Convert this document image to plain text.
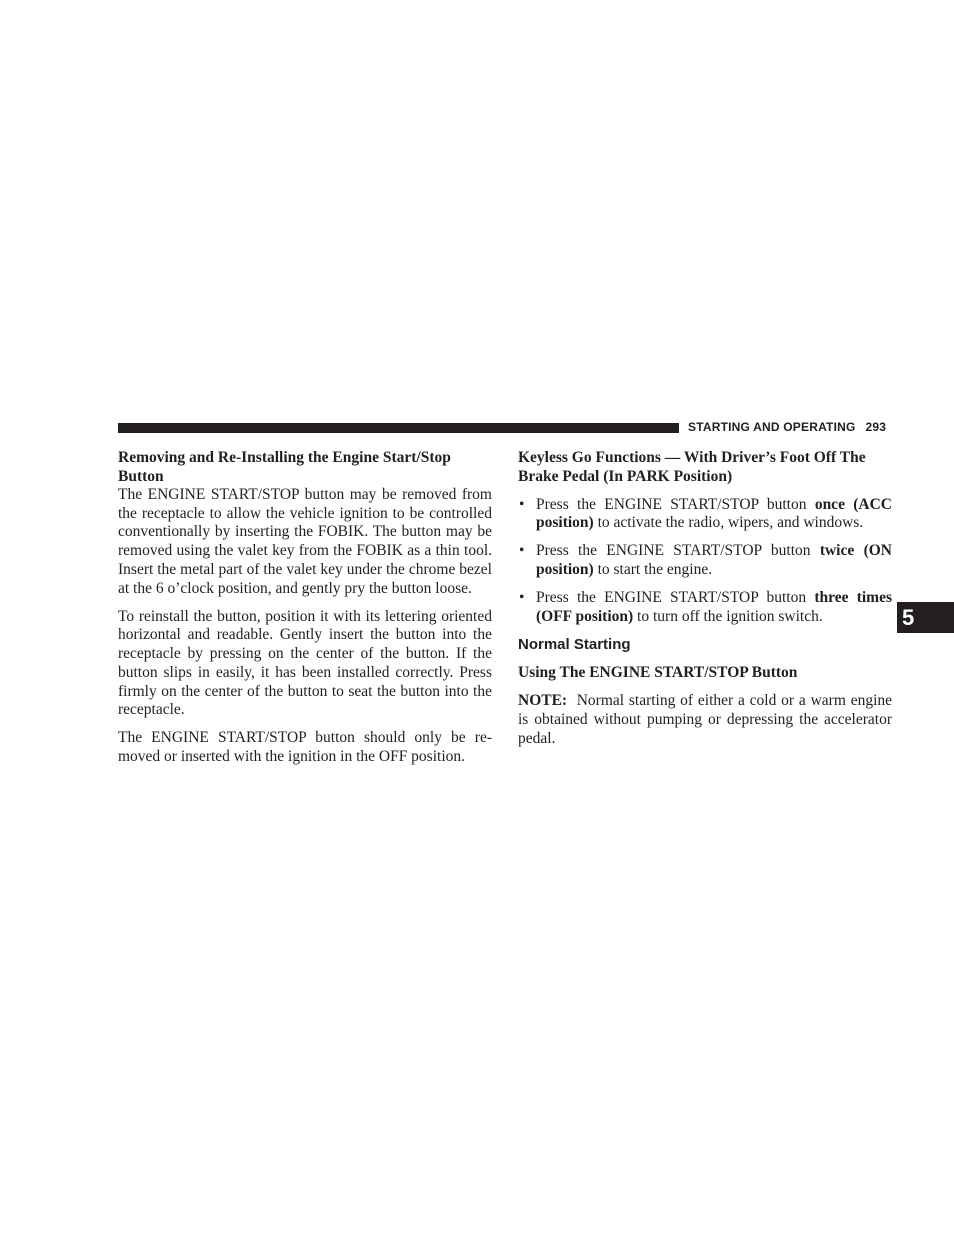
STARTING AND OPERATING 293
5
Removing and Re-Installing the Engine Start/Stop Button

The ENGINE START/STOP button may be removed from the receptacle to allow the vehicle ignition to be controlled conventionally by inserting the FOBIK. The button may be removed using the valet key from the FOBIK as a thin tool. Insert the metal part of the valet key under the chrome bezel at the 6 o’clock position, and gently pry the button loose.

To reinstall the button, position it with its lettering oriented horizontal and readable. Gently insert the button into the receptacle by pressing on the center of the button. If the button slips in easily, it has been installed correctly. Press firmly on the center of the button to seat the button into the receptacle.

The ENGINE START/STOP button should only be removed or inserted with the ignition in the OFF position.

Keyless Go Functions — With Driver’s Foot Off The Brake Pedal (In PARK Position)
• Press the ENGINE START/STOP button once (ACC position) to activate the radio, wipers, and windows.
• Press the ENGINE START/STOP button twice (ON position) to start the engine.
• Press the ENGINE START/STOP button three times (OFF position) to turn off the ignition switch.
Normal Starting
Using The ENGINE START/STOP Button

NOTE: Normal starting of either a cold or a warm engine is obtained without pumping or depressing the accelerator pedal.
